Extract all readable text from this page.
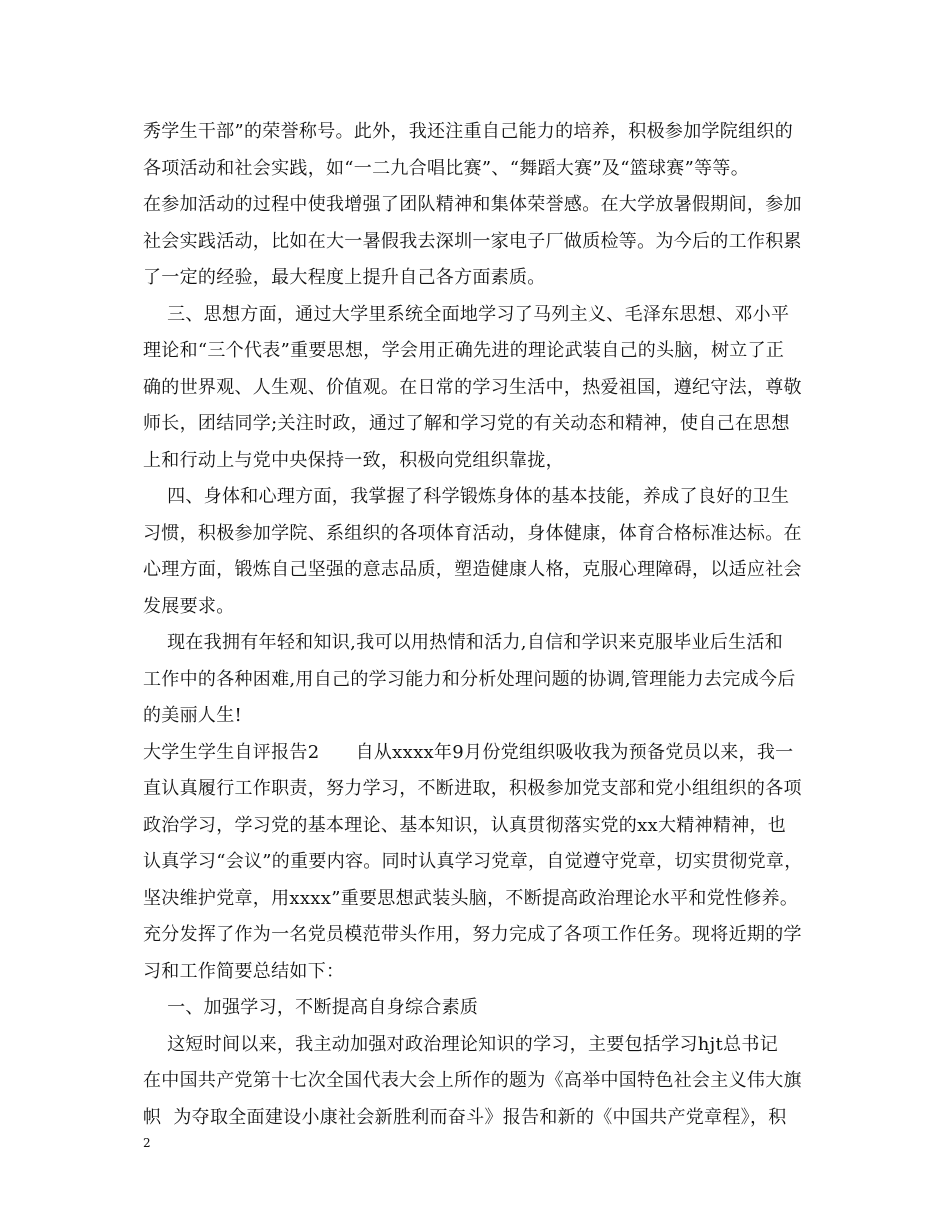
秀学生干部”的荣誉称号。此外，我还注重自己能力的培养，积极参加学院组织的
各项活动和社会实践，如“一二九合唱比赛”、“舞蹈大赛”及“篮球赛”等等。
在参加活动的过程中使我增强了团队精神和集体荣誉感。在大学放暑假期间，参加
社会实践活动，比如在大一暑假我去深圳一家电子厂做质检等。为今后的工作积累
了一定的经验，最大程度上提升自己各方面素质。
三、思想方面，通过大学里系统全面地学习了马列主义、毛泽东思想、邓小平
理论和“三个代表”重要思想，学会用正确先进的理论武装自己的头脑，树立了正
确的世界观、人生观、价值观。在日常的学习生活中，热爱祖国，遵纪守法，尊敬
师长，团结同学;关注时政，通过了解和学习党的有关动态和精神，使自己在思想
上和行动上与党中央保持一致，积极向党组织靠拢，
四、身体和心理方面，我掌握了科学锻炼身体的基本技能，养成了良好的卫生
习惯，积极参加学院、系组织的各项体育活动，身体健康，体育合格标准达标。在
心理方面，锻炼自己坚强的意志品质，塑造健康人格，克服心理障碍，以适应社会
发展要求。
现在我拥有年轻和知识,我可以用热情和活力,自信和学识来克服毕业后生活和
工作中的各种困难,用自己的学习能力和分析处理问题的协调,管理能力去完成今后
的美丽人生!
大学生学生自评报告2      自从xxxx年9月份党组织吸收我为预备党员以来，我一
直认真履行工作职责，努力学习，不断进取，积极参加党支部和党小组组织的各项
政治学习，学习党的基本理论、基本知识，认真贯彻落实党的xx大精神精神，也
认真学习“会议”的重要内容。同时认真学习党章，自觉遵守党章，切实贯彻党章，
坚决维护党章，用xxxx”重要思想武装头脑，不断提高政治理论水平和党性修养。
充分发挥了作为一名党员模范带头作用，努力完成了各项工作任务。现将近期的学
习和工作简要总结如下：
一、加强学习，不断提高自身综合素质
这短时间以来，我主动加强对政治理论知识的学习，主要包括学习hjt总书记
在中国共产党第十七次全国代表大会上所作的题为《高举中国特色社会主义伟大旗
帜  为夺取全面建设小康社会新胜利而奋斗》报告和新的《中国共产党章程》，积
2
